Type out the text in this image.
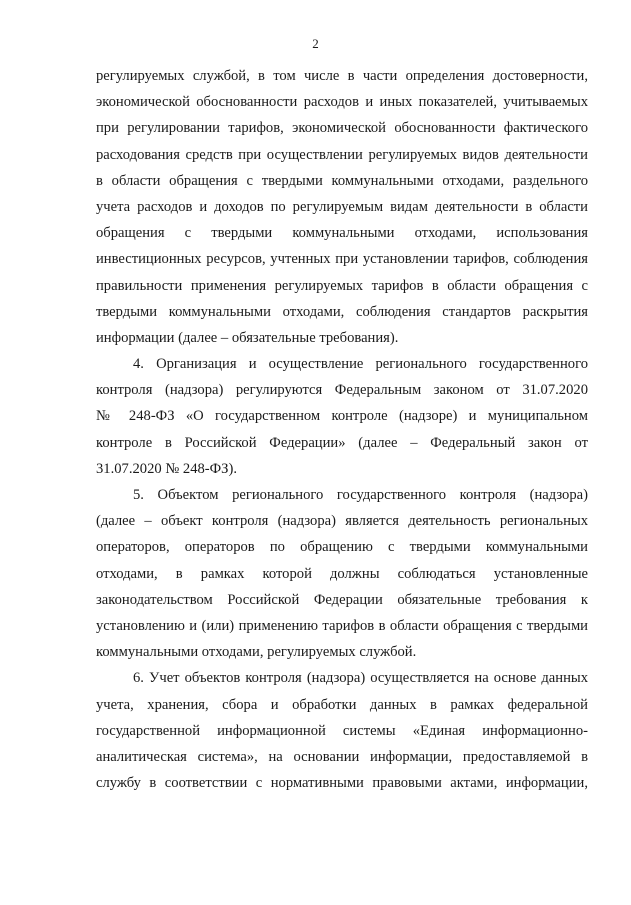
2
регулируемых службой, в том числе в части определения достоверности,
экономической обоснованности расходов и иных показателей, учитываемых
при регулировании тарифов, экономической обоснованности фактического
расходования средств при осуществлении регулируемых видов деятельности
в области обращения с твердыми коммунальными отходами, раздельного
учета расходов и доходов по регулируемым видам деятельности в области
обращения с твердыми коммунальными отходами, использования
инвестиционных ресурсов, учтенных при установлении тарифов, соблюдения
правильности применения регулируемых тарифов в области обращения с
твердыми коммунальными отходами, соблюдения стандартов раскрытия
информации (далее – обязательные требования).
4. Организация и осуществление регионального государственного
контроля (надзора) регулируются Федеральным законом от 31.07.2020
№ 248-ФЗ «О государственном контроле (надзоре) и муниципальном
контроле в Российской Федерации» (далее – Федеральный закон от
31.07.2020 № 248-ФЗ).
5. Объектом регионального государственного контроля (надзора)
(далее – объект контроля (надзора) является деятельность региональных
операторов, операторов по обращению с твердыми коммунальными
отходами, в рамках которой должны соблюдаться установленные
законодательством Российской Федерации обязательные требования к
установлению и (или) применению тарифов в области обращения с твердыми
коммунальными отходами, регулируемых службой.
6. Учет объектов контроля (надзора) осуществляется на основе данных
учета, хранения, сбора и обработки данных в рамках федеральной
государственной информационной системы «Единая информационно-
аналитическая система», на основании информации, предоставляемой в
службу в соответствии с нормативными правовыми актами, информации,
